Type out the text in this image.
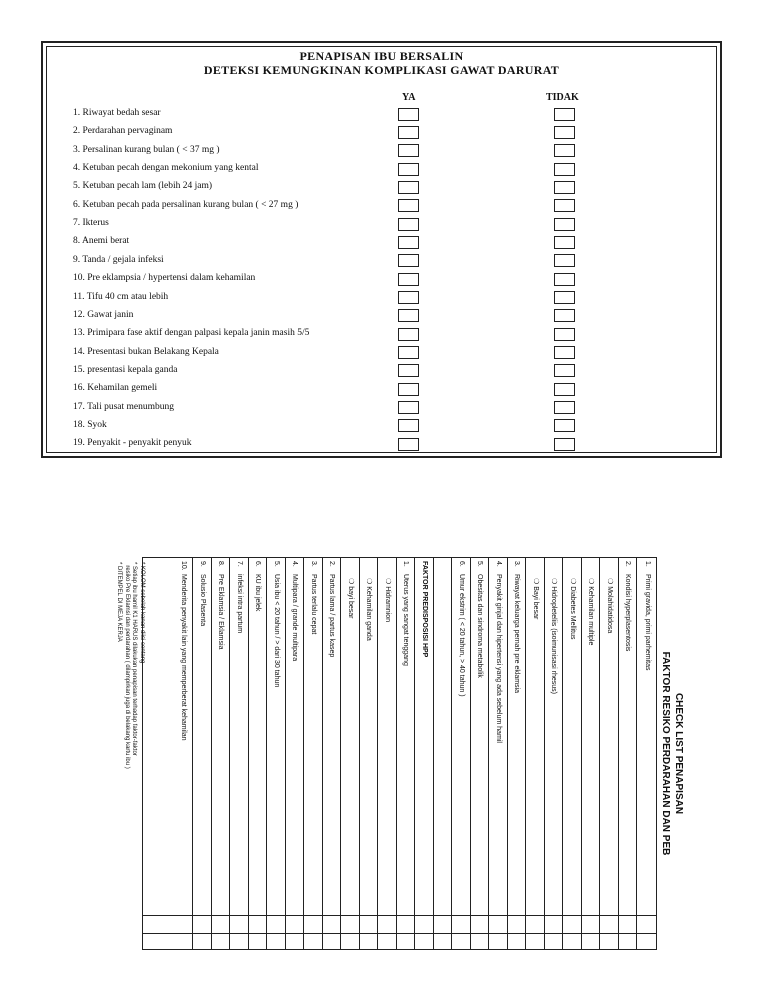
PENAPISAN IBU BERSALIN
DETEKSI KEMUNGKINAN KOMPLIKASI GAWAT DARURAT
YA	TIDAK
1. Riwayat bedah sesar
2. Perdarahan pervaginam
3. Persalinan kurang bulan ( < 37 mg )
4. Ketuban pecah dengan mekonium yang kental
5. Ketuban pecah lam (lebih 24 jam)
6. Ketuban pecah pada persalinan kurang bulan ( < 27 mg )
7. Ikterus
8. Anemi berat
9. Tanda / gejala infeksi
10. Pre eklampsia / hypertensi dalam kehamilan
11. Tifu 40 cm atau lebih
12. Gawat janin
13. Primipara fase aktif dengan palpasi kepala janin masih 5/5
14. Presentasi bukan Belakang Kepala
15. presentasi kepala ganda
16. Kehamilan gemeli
17. Tali pusat menumbung
18. Syok
19. Penyakit - penyakit penyuk
CHECK LIST PENAPISAN
FAKTOR RESIKO PERDARAHAN DAN PEB
1.
Primi gravida, primi parhemitas
2.
Kondisi hyperplasentosis
❍ Molahidatidosa
❍ Kehamilan multiple
❍ Diabetes Mellitus
❍ Hidropleteliis (isoimunisasi rhesus)
❍ Bayi besar
3.
Riwayat keluarga pernah pre eklamsia
4.
Penyakit ginjal dan hipertensi yang ada sebelum hamil
5.
Obesitas dan sindroma metabolik
6.
Umur ekstrim ( < 20 tahun, > 40 tahun )
FAKTOR PREDISPOSISI HPP
1.
Uterus yang sangat tenggang
❍ Hidramnion
❍ Kehamilan ganda
❍ bayi besar
2.
Partus lama / partus kasep
3.
Partus terlalu cepat
4.
Multipara / grande multipara
5.
Usia ibu < 20 tahun / > dari 30 tahun
6.
KU ibu jelek
7.
infeksi intra partum
8.
Pre Eklamsia / Eklamsia
9.
Solusio Plasenta
10.
Menderita penyakit lain yang memperberat kehamilan
* KOLOM sebelah kanan diisi centang
* Setiap ibu hamil K1 HARUS dilakukan penapisan terhadap faktor-faktor
resiko Pre Eklamsi dan perdarahan ( dilampirkan juga di belakang kartu ibu )
* DITEMPEL DI MEJA KERJA
